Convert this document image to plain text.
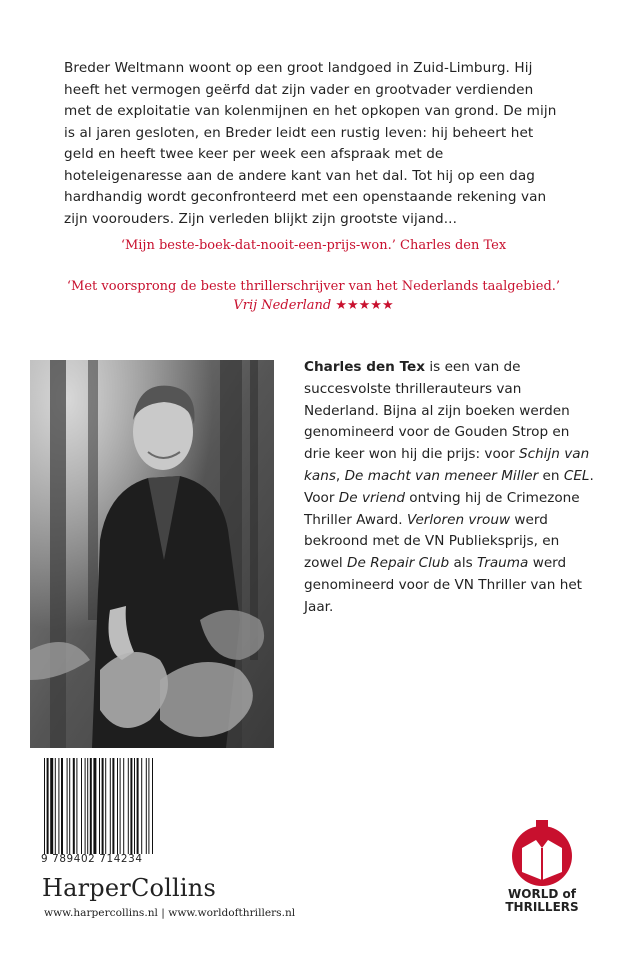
Breder Weltmann woont op een groot landgoed in Zuid-Limburg. Hij heeft het vermogen geërfd dat zijn vader en grootvader verdienden met de exploitatie van kolenmijnen en het opkopen van grond. De mijn is al jaren gesloten, en Breder leidt een rustig leven: hij beheert het geld en heeft twee keer per week een afspraak met de hoteleigenaresse aan de andere kant van het dal. Tot hij op een dag hardhandig wordt geconfronteerd met een openstaande rekening van zijn voorouders. Zijn verleden blijkt zijn grootste vijand...
‘Mijn beste-boek-dat-nooit-een-prijs-won.’ Charles den Tex
‘Met voorsprong de beste thrillerschrijver van het Nederlands taalgebied.’
Vrij Nederland ★★★★★
Charles den Tex is een van de succesvolste thrillerauteurs van Nederland. Bijna al zijn boeken werden genomineerd voor de Gouden Strop en drie keer won hij die prijs: voor Schijn van kans, De macht van meneer Miller en CEL. Voor De vriend ontving hij de Crimezone Thriller Award. Verloren vrouw werd bekroond met de VN Publieksprijs, en zowel De Repair Club als Trauma werd genomineerd voor de VN Thriller van het Jaar.
9 789402 714234
HarperCollins
www.harpercollins.nl | www.worldofthrillers.nl
WORLD of
THRILLERS
